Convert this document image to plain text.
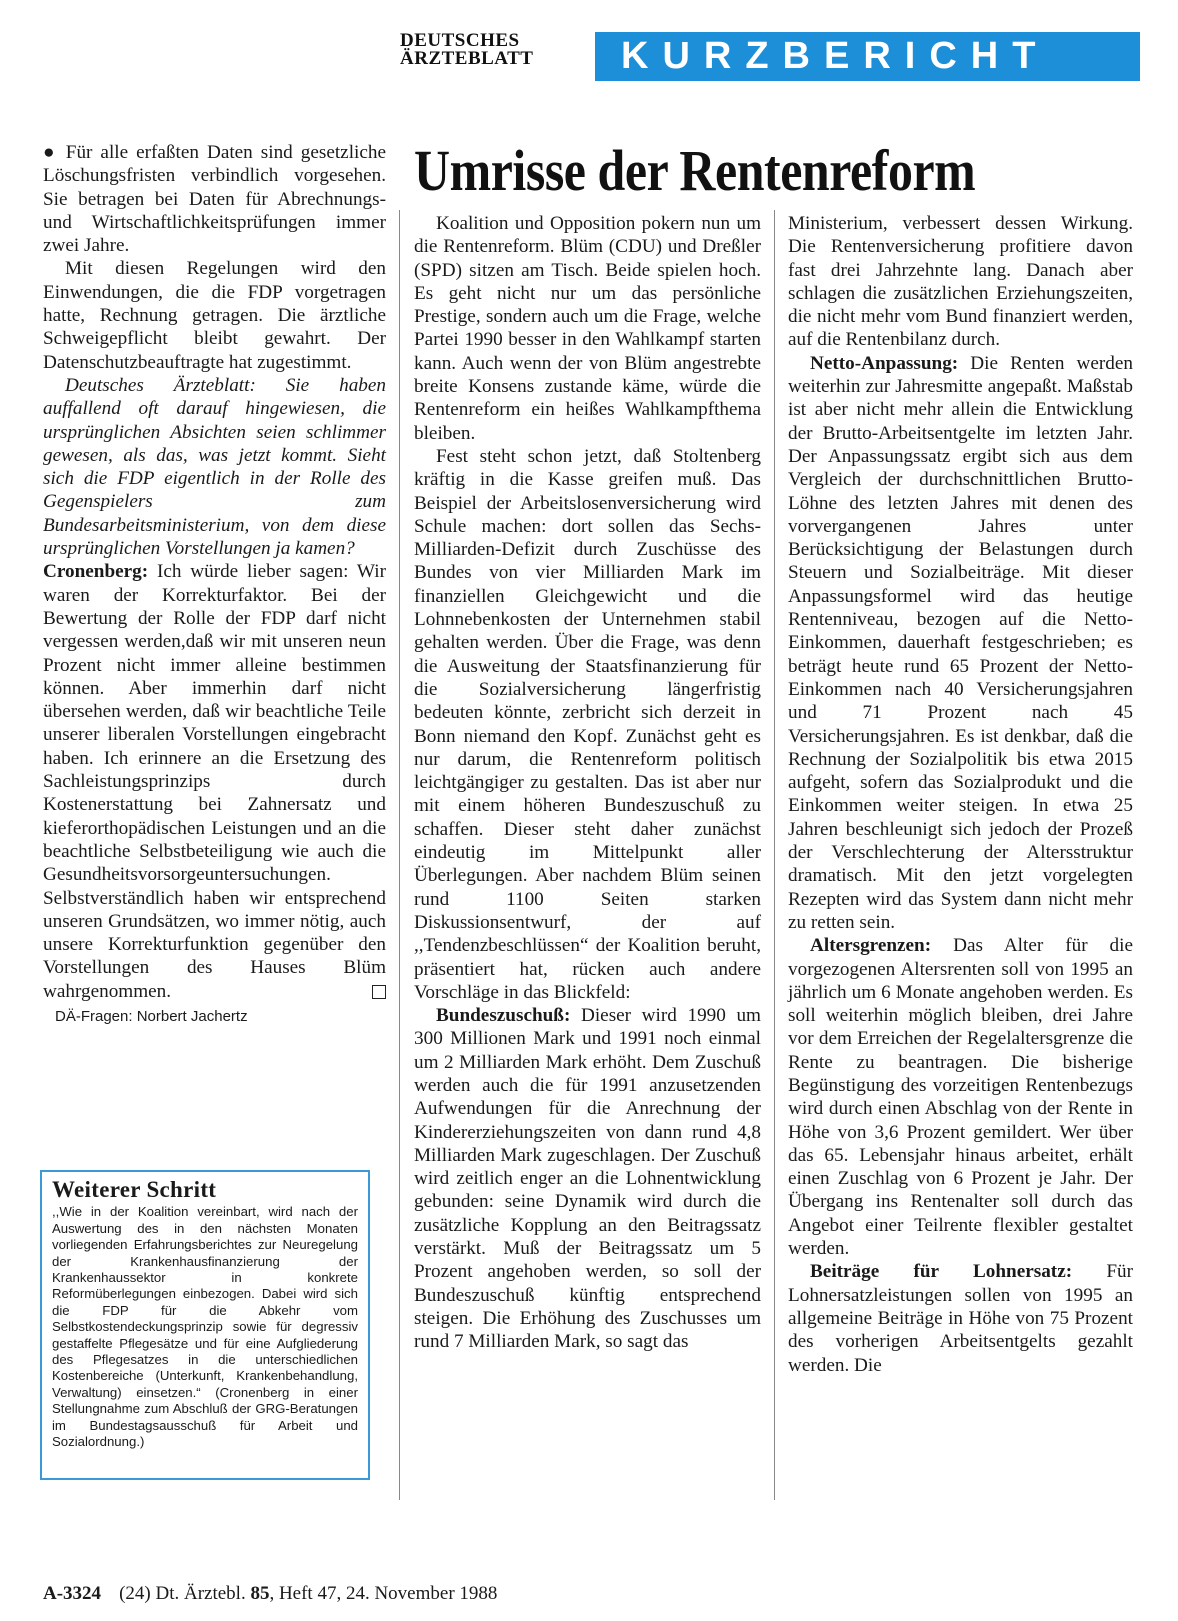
DEUTSCHES
ÄRZTEBLATT	KURZBERICHT

● Für alle erfaßten Daten sind gesetzliche Löschungsfristen verbindlich vorgesehen. Sie betragen bei Daten für Abrechnungs- und Wirtschaftlichkeitsprüfungen immer zwei Jahre.

Mit diesen Regelungen wird den Einwendungen, die die FDP vorgetragen hatte, Rechnung getragen. Die ärztliche Schweigepflicht bleibt gewahrt. Der Datenschutzbeauftragte hat zugestimmt.

Deutsches Ärzteblatt: Sie haben auffallend oft darauf hingewiesen, die ursprünglichen Absichten seien schlimmer gewesen, als das, was jetzt kommt. Sieht sich die FDP eigentlich in der Rolle des Gegenspielers zum Bundesarbeitsministerium, von dem diese ursprünglichen Vorstellungen ja kamen?

Cronenberg: Ich würde lieber sagen: Wir waren der Korrekturfaktor. Bei der Bewertung der Rolle der FDP darf nicht vergessen werden,daß wir mit unseren neun Prozent nicht immer alleine bestimmen können. Aber immerhin darf nicht übersehen werden, daß wir beachtliche Teile unserer liberalen Vorstellungen eingebracht haben. Ich erinnere an die Ersetzung des Sachleistungsprinzips durch Kostenerstattung bei Zahnersatz und kieferorthopädischen Leistungen und an die beachtliche Selbstbeteiligung wie auch die Gesundheitsvorsorgeuntersuchungen. Selbstverständlich haben wir entsprechend unseren Grundsätzen, wo immer nötig, auch unsere Korrekturfunktion gegenüber den Vorstellungen des Hauses Blüm wahrgenommen.

DÄ-Fragen: Norbert Jachertz

Weiterer Schritt

,,Wie in der Koalition vereinbart, wird nach der Auswertung des in den nächsten Monaten vorliegenden Erfahrungsberichtes zur Neuregelung der Krankenhausfinanzierung der Krankenhaussektor in konkrete Reformüberlegungen einbezogen. Dabei wird sich die FDP für die Abkehr vom Selbstkostendeckungsprinzip sowie für degressiv gestaffelte Pflegesätze und für eine Aufgliederung des Pflegesatzes in die unterschiedlichen Kostenbereiche (Unterkunft, Krankenbehandlung, Verwaltung) einsetzen.“ (Cronenberg in einer Stellungnahme zum Abschluß der GRG-Beratungen im Bundestagsausschuß für Arbeit und Sozialordnung.)

Umrisse der Rentenreform

Koalition und Opposition pokern nun um die Rentenreform. Blüm (CDU) und Dreßler (SPD) sitzen am Tisch. Beide spielen hoch. Es geht nicht nur um das persönliche Prestige, sondern auch um die Frage, welche Partei 1990 besser in den Wahlkampf starten kann. Auch wenn der von Blüm angestrebte breite Konsens zustande käme, würde die Rentenreform ein heißes Wahlkampfthema bleiben.

Fest steht schon jetzt, daß Stoltenberg kräftig in die Kasse greifen muß. Das Beispiel der Arbeitslosenversicherung wird Schule machen: dort sollen das Sechs-Milliarden-Defizit durch Zuschüsse des Bundes von vier Milliarden Mark im finanziellen Gleichgewicht und die Lohnnebenkosten der Unternehmen stabil gehalten werden. Über die Frage, was denn die Ausweitung der Staatsfinanzierung für die Sozialversicherung längerfristig bedeuten könnte, zerbricht sich derzeit in Bonn niemand den Kopf. Zunächst geht es nur darum, die Rentenreform politisch leichtgängiger zu gestalten. Das ist aber nur mit einem höheren Bundeszuschuß zu schaffen. Dieser steht daher zunächst eindeutig im Mittelpunkt aller Überlegungen. Aber nachdem Blüm seinen rund 1100 Seiten starken Diskussionsentwurf, der auf ,,Tendenzbeschlüssen“ der Koalition beruht, präsentiert hat, rücken auch andere Vorschläge in das Blickfeld:

Bundeszuschuß: Dieser wird 1990 um 300 Millionen Mark und 1991 noch einmal um 2 Milliarden Mark erhöht. Dem Zuschuß werden auch die für 1991 anzusetzenden Aufwendungen für die Anrechnung der Kindererziehungszeiten von dann rund 4,8 Milliarden Mark zugeschlagen. Der Zuschuß wird zeitlich enger an die Lohnentwicklung gebunden: seine Dynamik wird durch die zusätzliche Kopplung an den Beitragssatz verstärkt. Muß der Beitragssatz um 5 Prozent angehoben werden, so soll der Bundeszuschuß künftig entsprechend steigen. Die Erhöhung des Zuschusses um rund 7 Milliarden Mark, so sagt das

Ministerium, verbessert dessen Wirkung. Die Rentenversicherung profitiere davon fast drei Jahrzehnte lang. Danach aber schlagen die zusätzlichen Erziehungszeiten, die nicht mehr vom Bund finanziert werden, auf die Rentenbilanz durch.

Netto-Anpassung: Die Renten werden weiterhin zur Jahresmitte angepaßt. Maßstab ist aber nicht mehr allein die Entwicklung der Brutto-Arbeitsentgelte im letzten Jahr. Der Anpassungssatz ergibt sich aus dem Vergleich der durchschnittlichen Brutto-Löhne des letzten Jahres mit denen des vorvergangenen Jahres unter Berücksichtigung der Belastungen durch Steuern und Sozialbeiträge. Mit dieser Anpassungsformel wird das heutige Rentenniveau, bezogen auf die Netto-Einkommen, dauerhaft festgeschrieben; es beträgt heute rund 65 Prozent der Netto-Einkommen nach 40 Versicherungsjahren und 71 Prozent nach 45 Versicherungsjahren. Es ist denkbar, daß die Rechnung der Sozialpolitik bis etwa 2015 aufgeht, sofern das Sozialprodukt und die Einkommen weiter steigen. In etwa 25 Jahren beschleunigt sich jedoch der Prozeß der Verschlechterung der Altersstruktur dramatisch. Mit den jetzt vorgelegten Rezepten wird das System dann nicht mehr zu retten sein.

Altersgrenzen: Das Alter für die vorgezogenen Altersrenten soll von 1995 an jährlich um 6 Monate angehoben werden. Es soll weiterhin möglich bleiben, drei Jahre vor dem Erreichen der Regelaltersgrenze die Rente zu beantragen. Die bisherige Begünstigung des vorzeitigen Rentenbezugs wird durch einen Abschlag von der Rente in Höhe von 3,6 Prozent gemildert. Wer über das 65. Lebensjahr hinaus arbeitet, erhält einen Zuschlag von 6 Prozent je Jahr. Der Übergang ins Rentenalter soll durch das Angebot einer Teilrente flexibler gestaltet werden.

Beiträge für Lohnersatz: Für Lohnersatzleistungen sollen von 1995 an allgemeine Beiträge in Höhe von 75 Prozent des vorherigen Arbeitsentgelts gezahlt werden. Die

A-3324 (24) Dt. Ärztebl. 85, Heft 47, 24. November 1988
